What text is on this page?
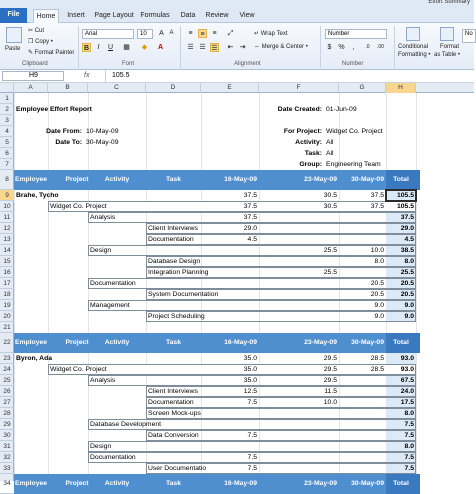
Effort Summary
File	Home	Insert	Page Layout Formulas	Data	Review	View
Paste
✂ Cut
❐ Copy •
✎ Format Painter
Clipboard
Arial	10	A A
B	I	U ▦ ◆ A
Font
≡	≡	≡	⤢
☰ ☰ ☰ ⇤ ⇥
↵ Wrap Text
⇔ Merge & Center •
Alignment
Number
$ %	,	.0	.00
Number
Conditional
Formatting •
Format
as Table •
No
H9	fx	105.5
A	B	C	D	E	F	G	H
1
2
3
4
5
6
7
8
9
10
11
12
13
14
15
16
17
18
19
20
21
22
23
24
25
26
27
28
29
30
31
32
33
34
Employee Effort Report	Date Created: 01-Jun-09
Date From: 10-May-09	For Project: Widget Co. Project
Date To: 30-May-09	Activity: All
Task: All
Group: Engineering Team
Employee	Project	Activity	Task	16-May-09	23-May-09	30-May-09	Total
Employee	Project	Activity	Task	16-May-09	23-May-09	30-May-09	Total
Employee	Project	Activity	Task	16-May-09	23-May-09	30-May-09	Total
Brahe, Tycho	37.5	30.5	37.5	105.5
Widget Co. Project	37.5	30.5	37.5	105.5
Analysis	37.5	37.5
Client Interviews	29.0	29.0
Documentation	4.5	4.5
Design	25.5	10.0	38.5
Database Design	8.0	8.0
Integration Planning	25.5	25.5
Documentation	20.5	20.5
System Documentation	20.5	20.5
Management	9.0	9.0
Project Scheduling	9.0	9.0
Byron, Ada	35.0	29.5	28.5	93.0
Widget Co. Project	35.0	29.5	28.5	93.0
Analysis	35.0	29.5	67.5
Client Interviews	12.5	11.5	24.0
Documentation	7.5	10.0	17.5
Screen Mock-ups	8.0
Database Development	7.5
Data Conversion	7.5	7.5
Design	8.0
Documentation	7.5	7.5
User Documentatio	7.5	7.5
